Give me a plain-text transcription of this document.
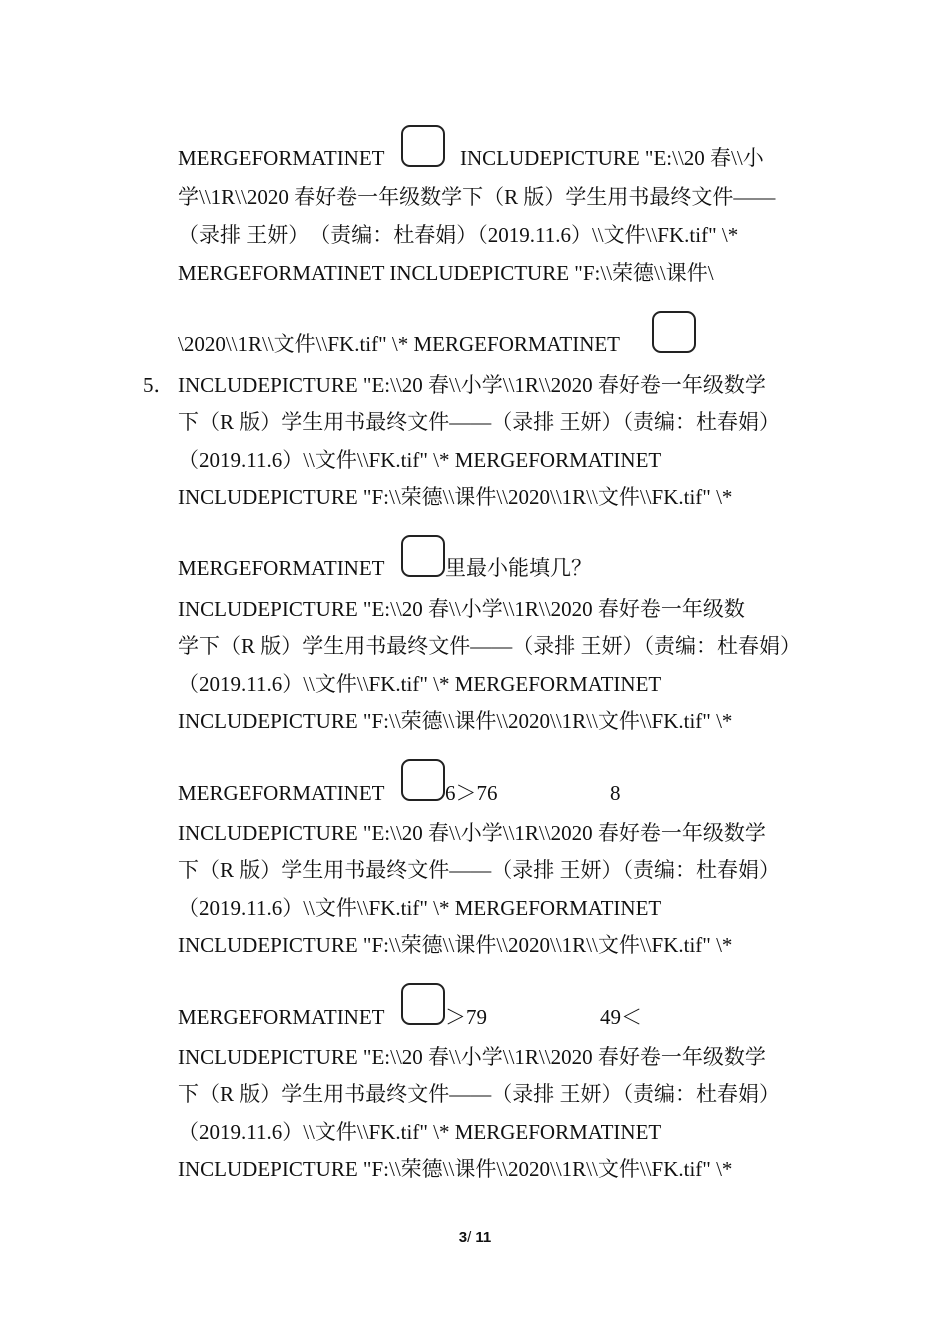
MERGEFORMATINET	INCLUDEPICTURE "E:\\20 春\\小
学\\1R\\2020 春好卷一年级数学下（R 版）学生用书最终文件——
（录排 王妍）　（责编：杜春娟）（2019.11.6）\\文件\\FK.tif" \*
MERGEFORMATINET INCLUDEPICTURE "F:\\荣德\\课件\
\2020\\1R\\文件\\FK.tif" \* MERGEFORMATINET
5． INCLUDEPICTURE "E:\\20 春\\小学\\1R\\2020 春好卷一年级数学
下（R 版）学生用书最终文件——（录排 王妍）（责编：杜春娟）
（2019.11.6）\\文件\\FK.tif" \* MERGEFORMATINET
INCLUDEPICTURE "F:\\荣德\\课件\\2020\\1R\\文件\\FK.tif" \*
MERGEFORMATINET	里最小能填几？
INCLUDEPICTURE "E:\\20 春\\小学\\1R\\2020 春好卷一年级数
学下（R 版）学生用书最终文件——（录排 王妍）（责编：杜春娟）
（2019.11.6）\\文件\\FK.tif" \* MERGEFORMATINET
INCLUDEPICTURE "F:\\荣德\\课件\\2020\\1R\\文件\\FK.tif" \*
MERGEFORMATINET	6＞76	8
INCLUDEPICTURE "E:\\20 春\\小学\\1R\\2020 春好卷一年级数学
下（R 版）学生用书最终文件——（录排 王妍）（责编：杜春娟）
（2019.11.6）\\文件\\FK.tif" \* MERGEFORMATINET
INCLUDEPICTURE "F:\\荣德\\课件\\2020\\1R\\文件\\FK.tif" \*
MERGEFORMATINET	＞79	49＜
INCLUDEPICTURE "E:\\20 春\\小学\\1R\\2020 春好卷一年级数学
下（R 版）学生用书最终文件——（录排 王妍）（责编：杜春娟）
（2019.11.6）\\文件\\FK.tif" \* MERGEFORMATINET
INCLUDEPICTURE "F:\\荣德\\课件\\2020\\1R\\文件\\FK.tif" \*
3/ 11
